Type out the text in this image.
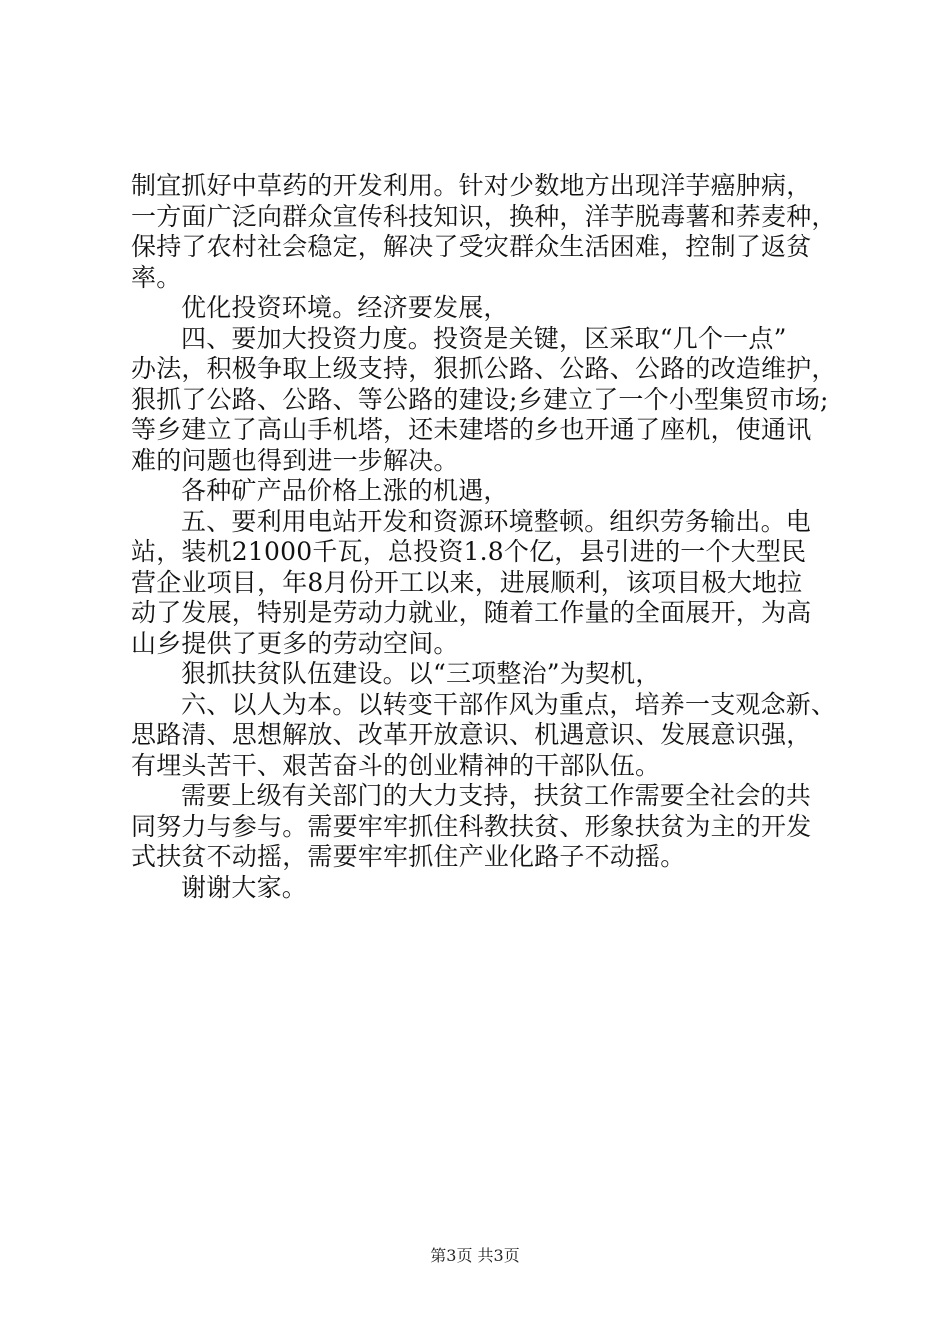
制宜抓好中草药的开发利用。针对少数地方出现洋芋癌肿病，
一方面广泛向群众宣传科技知识，换种，洋芋脱毒薯和荞麦种，
保持了农村社会稳定，解决了受灾群众生活困难，控制了返贫
率。
优化投资环境。经济要发展，
四、要加大投资力度。投资是关键，区采取“几个一点”
办法，积极争取上级支持，狠抓公路、公路、公路的改造维护，
狠抓了公路、公路、等公路的建设;乡建立了一个小型集贸市场;
等乡建立了高山手机塔，还未建塔的乡也开通了座机，使通讯
难的问题也得到进一步解决。
各种矿产品价格上涨的机遇，
五、要利用电站开发和资源环境整顿。组织劳务输出。电
站，装机21000千瓦，总投资1.8个亿，县引进的一个大型民
营企业项目，年8月份开工以来，进展顺利，该项目极大地拉
动了发展，特别是劳动力就业，随着工作量的全面展开，为高
山乡提供了更多的劳动空间。
狠抓扶贫队伍建设。以“三项整治”为契机，
六、以人为本。以转变干部作风为重点，培养一支观念新、
思路清、思想解放、改革开放意识、机遇意识、发展意识强，
有埋头苦干、艰苦奋斗的创业精神的干部队伍。
需要上级有关部门的大力支持，扶贫工作需要全社会的共
同努力与参与。需要牢牢抓住科教扶贫、形象扶贫为主的开发
式扶贫不动摇，需要牢牢抓住产业化路子不动摇。
谢谢大家。
第3页 共3页
